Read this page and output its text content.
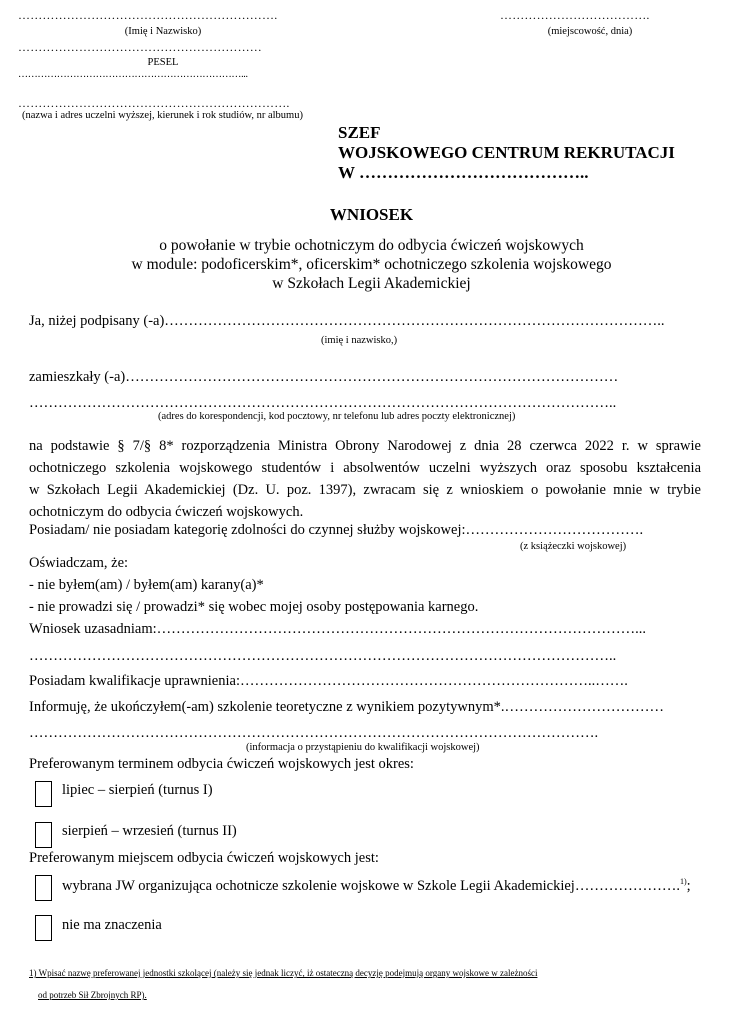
……………………………………………………….
(Imię i Nazwisko)
……………………………….
(miejscowość, dnia)
……………………………………………………
PESEL
……………………………………………………………...
………………………………………………………….
(nazwa i adres uczelni wyższej, kierunek i rok studiów, nr albumu)
SZEF
WOJSKOWEGO CENTRUM REKRUTACJI
W …………………………………..
WNIOSEK
o powołanie w trybie ochotniczym do odbycia ćwiczeń wojskowych
w module: podoficerskim*, oficerskim* ochotniczego szkolenia wojskowego
w Szkołach Legii Akademickiej
Ja, niżej podpisany (-a)…………………………………………………………………………………………..
(imię i nazwisko,)
zamieszkały (-a)…………………………………………………………………………………………
…………………………………………………………………………………………………………..
(adres do korespondencji, kod pocztowy, nr telefonu lub adres poczty elektronicznej)
na podstawie § 7/§ 8* rozporządzenia Ministra Obrony Narodowej z dnia 28 czerwca 2022 r. w sprawie
ochotniczego szkolenia wojskowego studentów i absolwentów uczelni wyższych oraz sposobu kształcenia
w Szkołach Legii Akademickiej (Dz. U. poz. 1397), zwracam się z wnioskiem o powołanie mnie w trybie
ochotniczym do odbycia ćwiczeń wojskowych.
Posiadam/ nie posiadam kategorię zdolności do czynnej służby wojskowej:……………………………….
(z książeczki wojskowej)
Oświadczam, że:
- nie byłem(am) / byłem(am) karany(a)*
- nie prowadzi się / prowadzi* się wobec mojej osoby postępowania karnego.
Wniosek uzasadniam:………………………………………………………………………………………...
…………………………………………………………………………………………………………..
Posiadam kwalifikacje uprawnienia:………………………………………………………………..…….
Informuję, że ukończyłem(-am) szkolenie teoretyczne z wynikiem pozytywnym*.……………………………
……………………………………………………………………………………………………….
(informacja o przystąpieniu do kwalifikacji wojskowej)
Preferowanym terminem odbycia ćwiczeń wojskowych jest okres:
lipiec – sierpień (turnus I)
sierpień – wrzesień (turnus II)
Preferowanym miejscem odbycia ćwiczeń wojskowych jest:
wybrana JW organizująca ochotnicze szkolenie wojskowe w Szkole Legii Akademickiej………………….$^{1)}$;
nie ma znaczenia
1) Wpisać nazwę preferowanej jednostki szkolącej (należy się jednak liczyć, iż ostateczną decyzję podejmują organy wojskowe w zależności
od potrzeb Sił Zbrojnych RP).
